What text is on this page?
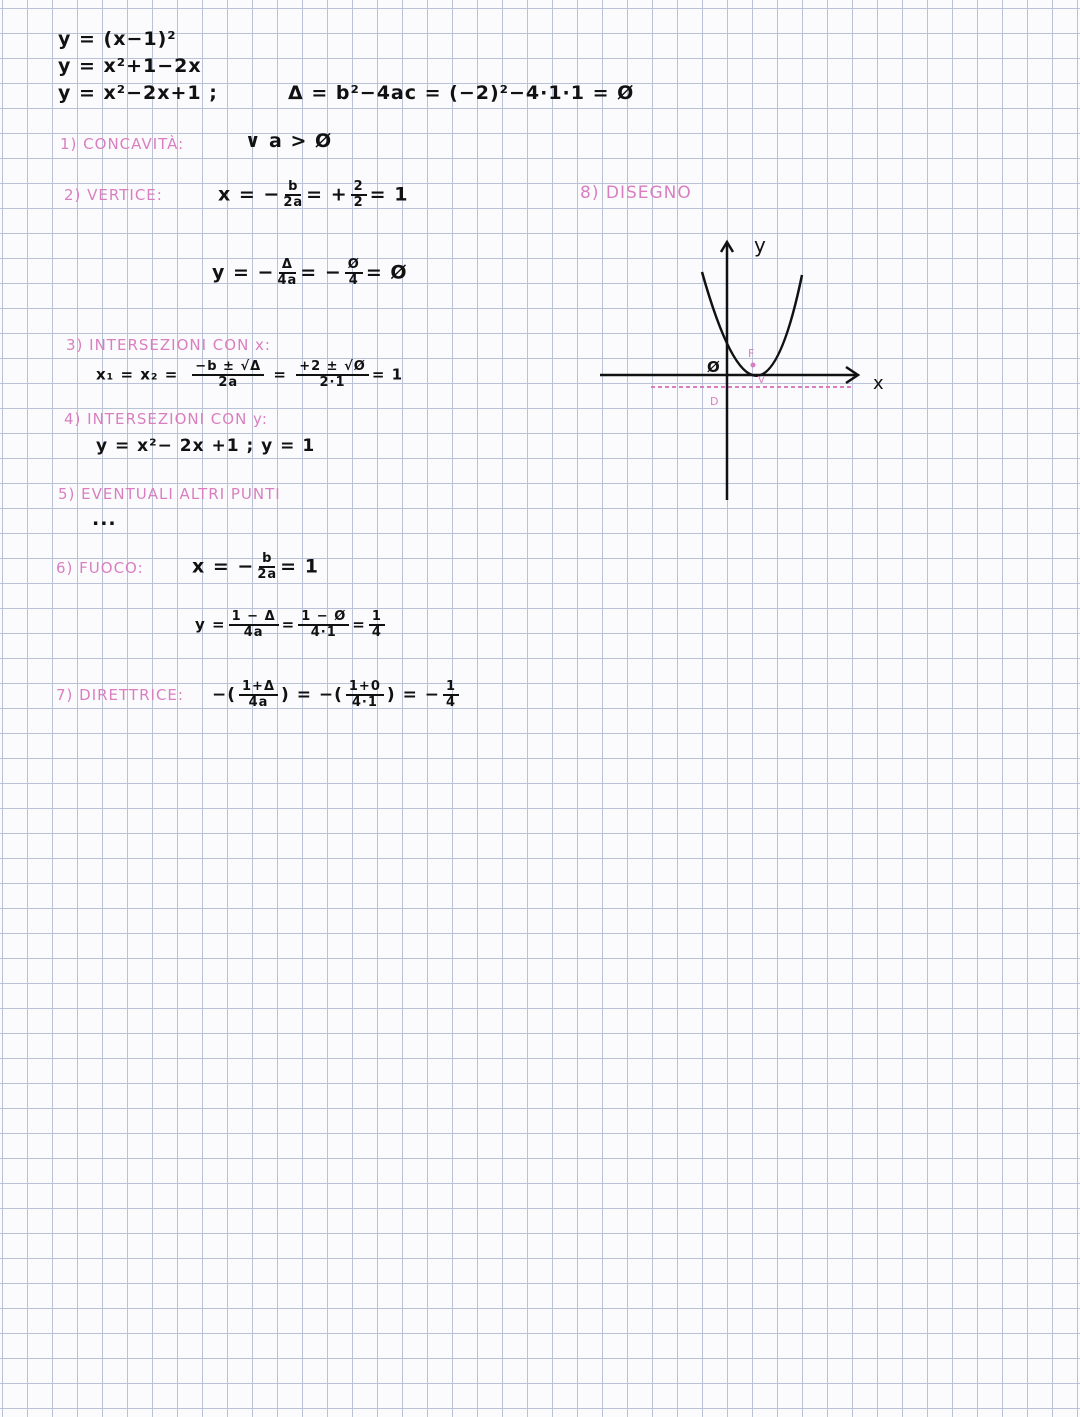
y = (x−1)²
y = x²+1−2x
y = x²−2x+1 ;	Δ = b²−4ac = (−2)²−4·1·1 = Ø
1) CONCAVITÀ:	∨ a > Ø
2) VERTICE:	x = − $\frac{b}{2a}$ = + $\frac{2}{2} = 1$
y = − $\frac{\Delta}{4a}$ = − $\frac{Ø}{4}$ = Ø
3) INTERSEZIONI CON x:
$x_1 = x_2 = \frac{-b \pm √\Delta}{2a} = \frac{+2 \pm √Ø}{2\cdot 1} = 1$
4) INTERSEZIONI CON y:
y = x²− 2x +1 ; y = 1
5) EVENTUALI ALTRI PUNTI
...
6) FUOCO:	x = − $\frac{b}{2a} = 1$
$y = \frac{1 - \Delta}{4a} = \frac{1 - Ø}{4\cdot 1} = \frac{1}{4}$
7) DIRETTRICE: −( $\frac{1+\Delta}{4a}$ ) = −( $\frac{1+0}{4\cdot 1}$ ) = − $\frac{1}{4}$
8) DISEGNO
x
y
Ø
F
V
D
